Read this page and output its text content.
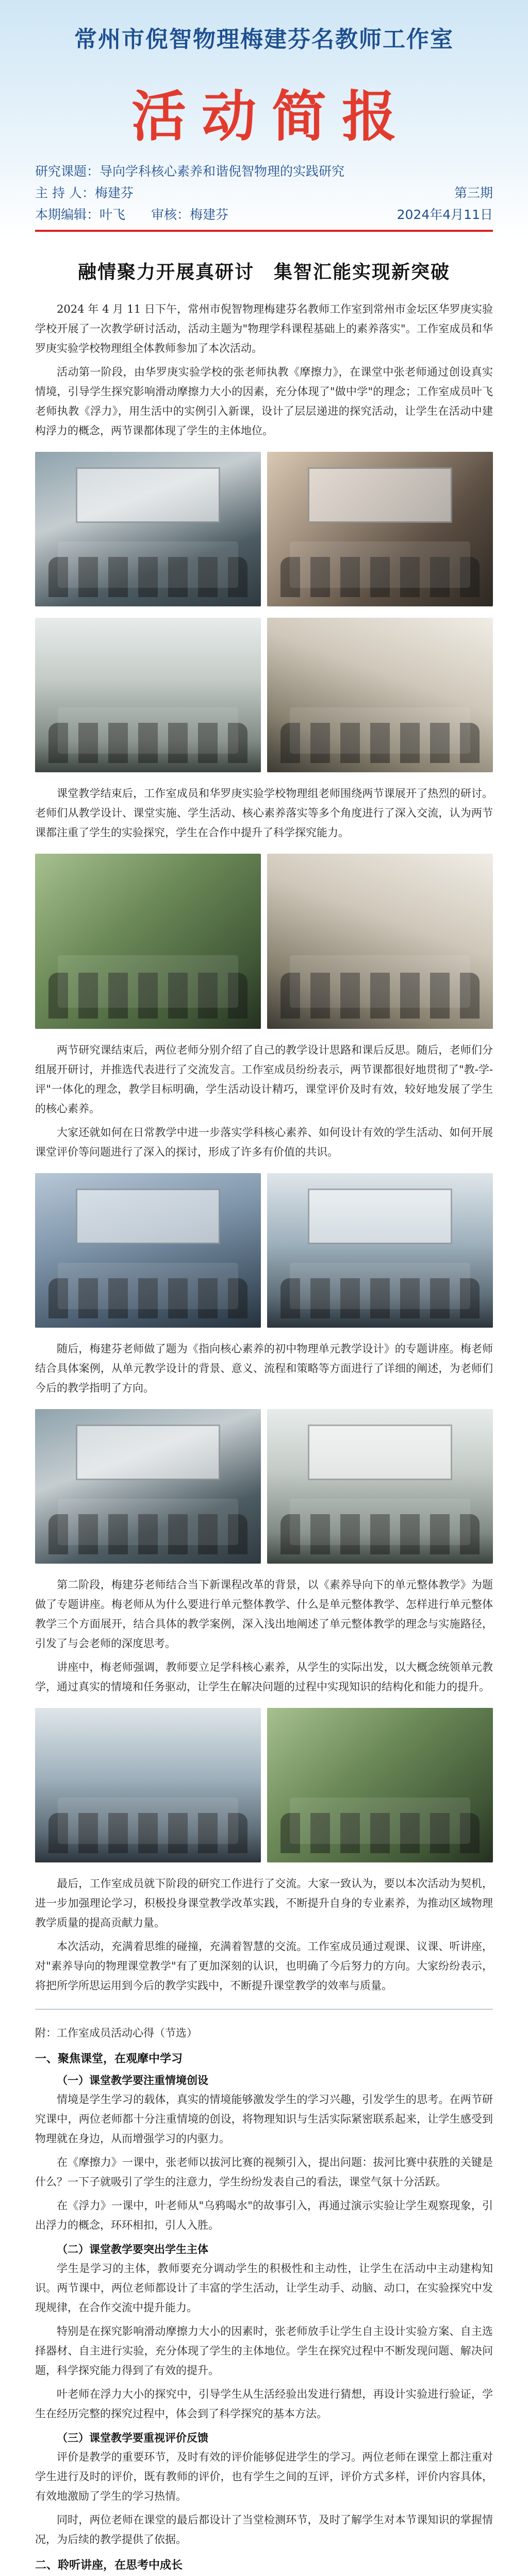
常州市倪智物理梅建芬名教师工作室
活动简报
研究课题：导向学科核心素养和谐倪智物理的实践研究
主 持 人：梅建芬	第三期
本期编辑：叶飞　　 审核：梅建芬	2024年4月11日
融情聚力开展真研讨　集智汇能实现新突破

2024 年 4 月 11 日下午，常州市倪智物理梅建芬名教师工作室到常州市金坛区华罗庚实验学校开展了一次教学研讨活动，活动主题为"物理学科课程基础上的素养落实"。工作室成员和华罗庚实验学校物理组全体教师参加了本次活动。

活动第一阶段，由华罗庚实验学校的张老师执教《摩擦力》，在课堂中张老师通过创设真实情境，引导学生探究影响滑动摩擦力大小的因素，充分体现了"做中学"的理念；工作室成员叶飞老师执教《浮力》，用生活中的实例引入新课，设计了层层递进的探究活动，让学生在活动中建构浮力的概念，两节课都体现了学生的主体地位。

课堂教学结束后，工作室成员和华罗庚实验学校物理组老师围绕两节课展开了热烈的研讨。老师们从教学设计、课堂实施、学生活动、核心素养落实等多个角度进行了深入交流，认为两节课都注重了学生的实验探究，学生在合作中提升了科学探究能力。

两节研究课结束后，两位老师分别介绍了自己的教学设计思路和课后反思。随后，老师们分组展开研讨，并推选代表进行了交流发言。工作室成员纷纷表示，两节课都很好地贯彻了"教-学-评"一体化的理念，教学目标明确，学生活动设计精巧，课堂评价及时有效，较好地发展了学生的核心素养。

大家还就如何在日常教学中进一步落实学科核心素养、如何设计有效的学生活动、如何开展课堂评价等问题进行了深入的探讨，形成了许多有价值的共识。

随后，梅建芬老师做了题为《指向核心素养的初中物理单元教学设计》的专题讲座。梅老师结合具体案例，从单元教学设计的背景、意义、流程和策略等方面进行了详细的阐述，为老师们今后的教学指明了方向。

第二阶段，梅建芬老师结合当下新课程改革的背景，以《素养导向下的单元整体教学》为题做了专题讲座。梅老师从为什么要进行单元整体教学、什么是单元整体教学、怎样进行单元整体教学三个方面展开，结合具体的教学案例，深入浅出地阐述了单元整体教学的理念与实施路径，引发了与会老师的深度思考。

讲座中，梅老师强调，教师要立足学科核心素养，从学生的实际出发，以大概念统领单元教学，通过真实的情境和任务驱动，让学生在解决问题的过程中实现知识的结构化和能力的提升。

最后，工作室成员就下阶段的研究工作进行了交流。大家一致认为，要以本次活动为契机，进一步加强理论学习，积极投身课堂教学改革实践，不断提升自身的专业素养，为推动区域物理教学质量的提高贡献力量。

本次活动，充满着思维的碰撞，充满着智慧的交流。工作室成员通过观课、议课、听讲座，对"素养导向的物理课堂教学"有了更加深刻的认识，也明确了今后努力的方向。大家纷纷表示，将把所学所思运用到今后的教学实践中，不断提升课堂教学的效率与质量。

附：工作室成员活动心得（节选）
一、聚焦课堂，在观摩中学习
（一）课堂教学要注重情境创设

情境是学生学习的载体，真实的情境能够激发学生的学习兴趣，引发学生的思考。在两节研究课中，两位老师都十分注重情境的创设，将物理知识与生活实际紧密联系起来，让学生感受到物理就在身边，从而增强学习的内驱力。

在《摩擦力》一课中，张老师以拔河比赛的视频引入，提出问题：拔河比赛中获胜的关键是什么？一下子就吸引了学生的注意力，学生纷纷发表自己的看法，课堂气氛十分活跃。

在《浮力》一课中，叶老师从"乌鸦喝水"的故事引入，再通过演示实验让学生观察现象，引出浮力的概念，环环相扣，引人入胜。

（二）课堂教学要突出学生主体

学生是学习的主体，教师要充分调动学生的积极性和主动性，让学生在活动中主动建构知识。两节课中，两位老师都设计了丰富的学生活动，让学生动手、动脑、动口，在实验探究中发现规律，在合作交流中提升能力。

特别是在探究影响滑动摩擦力大小的因素时，张老师放手让学生自主设计实验方案、自主选择器材、自主进行实验，充分体现了学生的主体地位。学生在探究过程中不断发现问题、解决问题，科学探究能力得到了有效的提升。

叶老师在浮力大小的探究中，引导学生从生活经验出发进行猜想，再设计实验进行验证，学生在经历完整的探究过程中，体会到了科学探究的基本方法。

（三）课堂教学要重视评价反馈

评价是教学的重要环节，及时有效的评价能够促进学生的学习。两位老师在课堂上都注重对学生进行及时的评价，既有教师的评价，也有学生之间的互评，评价方式多样，评价内容具体，有效地激励了学生的学习热情。

同时，两位老师在课堂的最后都设计了当堂检测环节，及时了解学生对本节课知识的掌握情况，为后续的教学提供了依据。

二、聆听讲座，在思考中成长
